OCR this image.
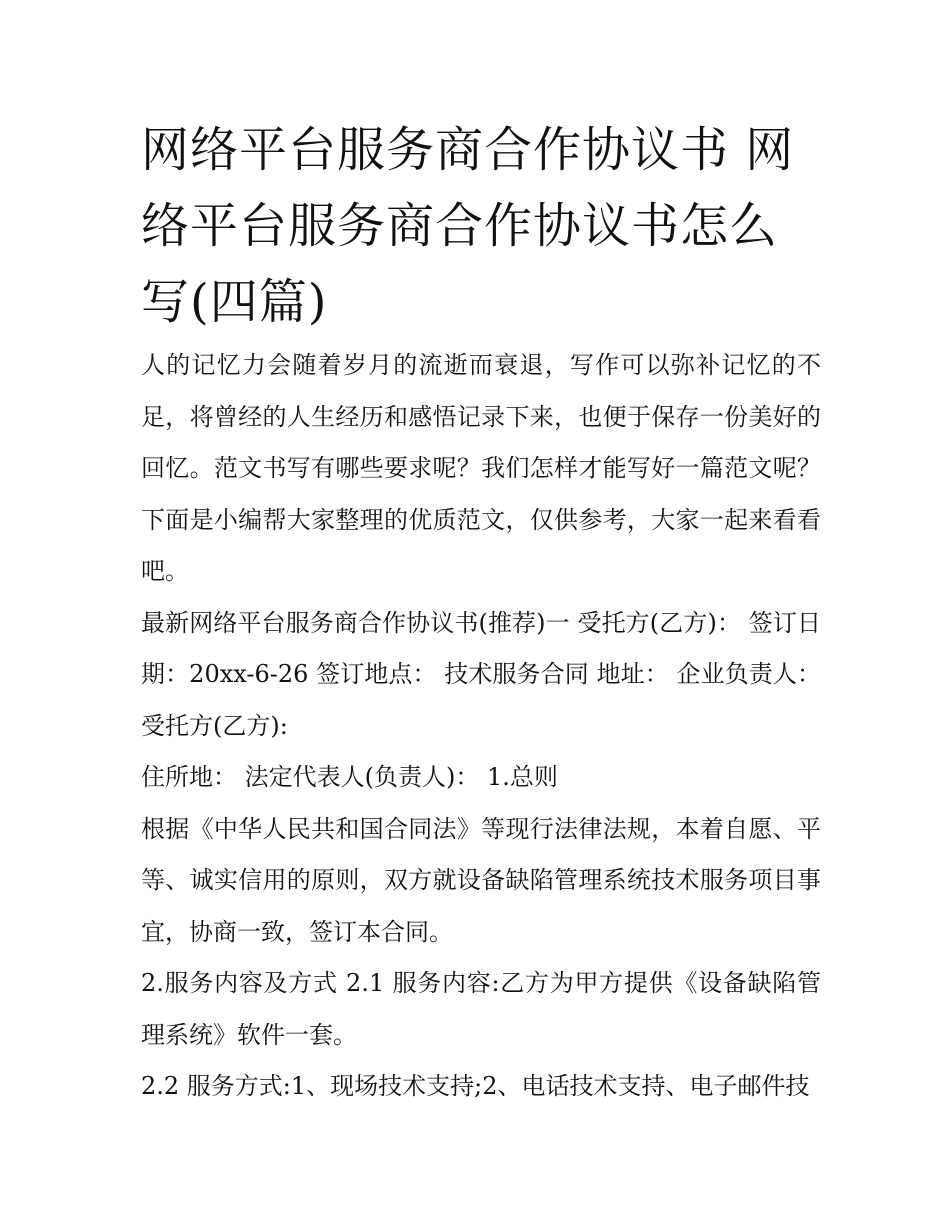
网络平台服务商合作协议书 网络平台服务商合作协议书怎么写(四篇)

人的记忆力会随着岁月的流逝而衰退，写作可以弥补记忆的不足，将曾经的人生经历和感悟记录下来，也便于保存一份美好的回忆。范文书写有哪些要求呢？我们怎样才能写好一篇范文呢？下面是小编帮大家整理的优质范文，仅供参考，大家一起来看看吧。

最新网络平台服务商合作协议书(推荐)一 受托方(乙方)： 签订日期：20xx-6-26 签订地点： 技术服务合同 地址： 企业负责人： 受托方(乙方):

住所地： 法定代表人(负责人)： 1.总则

根据《中华人民共和国合同法》等现行法律法规，本着自愿、平等、诚实信用的原则，双方就设备缺陷管理系统技术服务项目事宜，协商一致，签订本合同。

2.服务内容及方式 2.1 服务内容:乙方为甲方提供《设备缺陷管理系统》软件一套。

2.2 服务方式:1、现场技术支持;2、电话技术支持、电子邮件技
